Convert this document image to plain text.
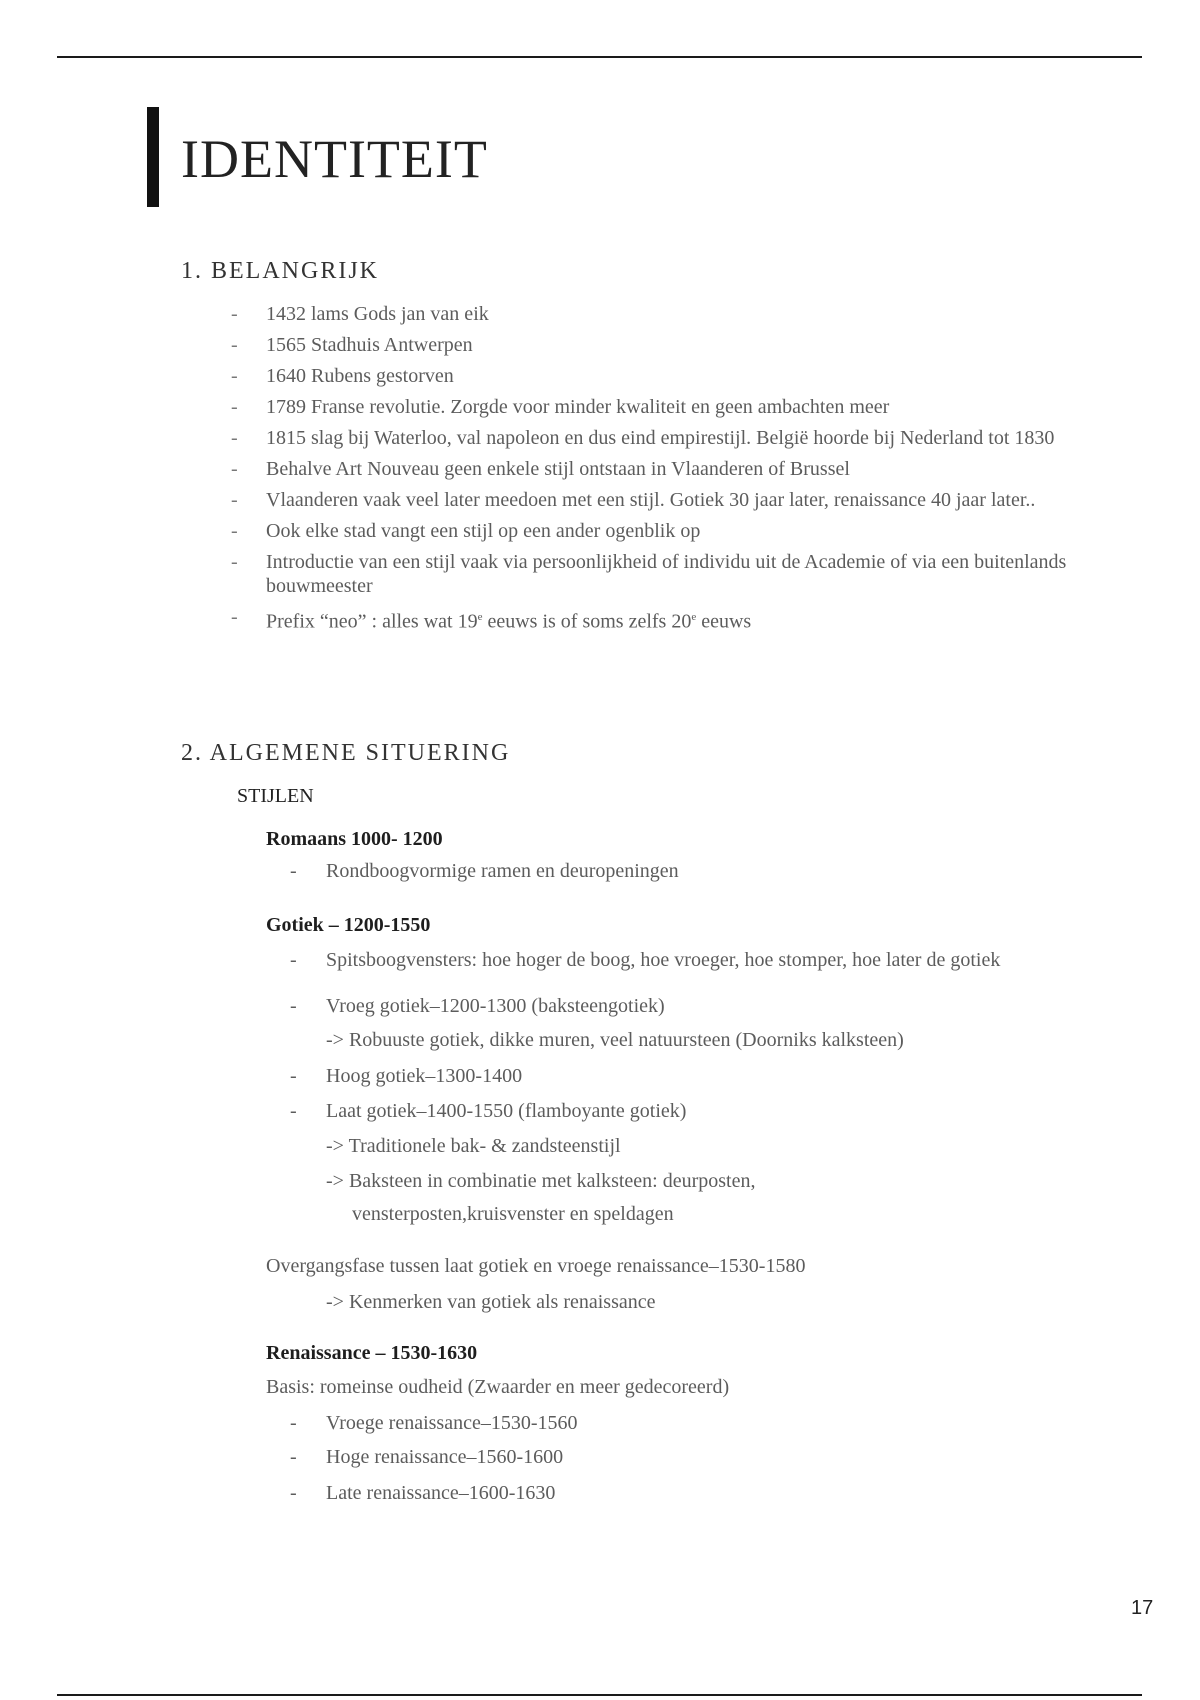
IDENTITEIT
1. BELANGRIJK
- 1432 lams Gods jan van eik
- 1565 Stadhuis Antwerpen
- 1640 Rubens gestorven
- 1789 Franse revolutie. Zorgde voor minder kwaliteit en geen ambachten meer
- 1815 slag bij Waterloo, val napoleon en dus eind empirestijl. België hoorde bij Nederland tot 1830
- Behalve Art Nouveau geen enkele stijl ontstaan in Vlaanderen of Brussel
- Vlaanderen vaak veel later meedoen met een stijl. Gotiek 30 jaar later, renaissance 40 jaar later..
- Ook elke stad vangt een stijl op een ander ogenblik op
- Introductie van een stijl vaak via persoonlijkheid of individu uit de Academie of via een buitenlands bouwmeester
- Prefix “neo” : alles wat 19e eeuws is of soms zelfs 20e eeuws
2. ALGEMENE SITUERING
STIJLEN
Romaans 1000- 1200
- Rondboogvormige ramen en deuropeningen
Gotiek – 1200-1550
- Spitsboogvensters: hoe hoger de boog, hoe vroeger, hoe stomper, hoe later de gotiek
- Vroeg gotiek–1200-1300 (baksteengotiek)
-> Robuuste gotiek, dikke muren, veel natuursteen (Doorniks kalksteen)
- Hoog gotiek–1300-1400
- Laat gotiek–1400-1550 (flamboyante gotiek)
-> Traditionele bak- & zandsteenstijl
-> Baksteen in combinatie met kalksteen: deurposten,
vensterposten,kruisvenster en speldagen
Overgangsfase tussen laat gotiek en vroege renaissance–1530-1580
-> Kenmerken van gotiek als renaissance
Renaissance – 1530-1630
Basis: romeinse oudheid (Zwaarder en meer gedecoreerd)
- Vroege renaissance–1530-1560
- Hoge renaissance–1560-1600
- Late renaissance–1600-1630
17
